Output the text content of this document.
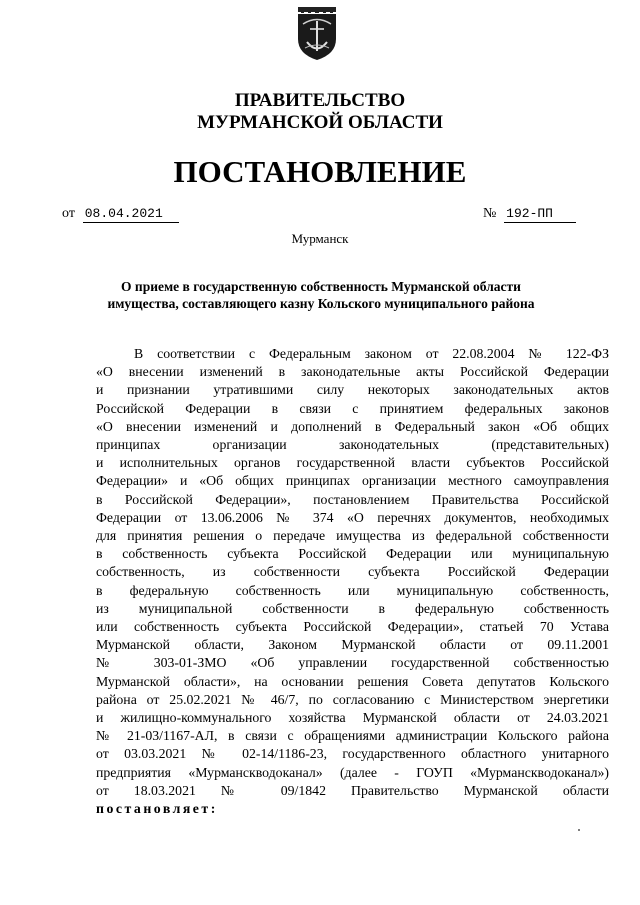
ПРАВИТЕЛЬСТВО
МУРМАНСКОЙ ОБЛАСТИ
ПОСТАНОВЛЕНИЕ
от 08.04.2021	№ 192-ПП
Мурманск
О приеме в государственную собственность Мурманской области
имущества, составляющего казну Кольского муниципального района
В соответствии с Федеральным законом от 22.08.2004 № 122-ФЗ
«О внесении изменений в законодательные акты Российской Федерации
и признании утратившими силу некоторых законодательных актов
Российской Федерации в связи с принятием федеральных законов
«О внесении изменений и дополнений в Федеральный закон «Об общих
принципах организации законодательных (представительных)
и исполнительных органов государственной власти субъектов Российской
Федерации» и «Об общих принципах организации местного самоуправления
в Российской Федерации», постановлением Правительства Российской
Федерации от 13.06.2006 № 374 «О перечнях документов, необходимых
для принятия решения о передаче имущества из федеральной собственности
в собственность субъекта Российской Федерации или муниципальную
собственность, из собственности субъекта Российской Федерации
в федеральную собственность или муниципальную собственность,
из муниципальной собственности в федеральную собственность
или собственность субъекта Российской Федерации», статьей 70 Устава
Мурманской области, Законом Мурманской области от 09.11.2001
№ 303-01-ЗМО «Об управлении государственной собственностью
Мурманской области», на основании решения Совета депутатов Кольского
района от 25.02.2021 № 46/7, по согласованию с Министерством энергетики
и жилищно-коммунального хозяйства Мурманской области от 24.03.2021
№ 21-03/1167-АЛ, в связи с обращениями администрации Кольского района
от 03.03.2021 № 02-14/1186-23, государственного областного унитарного
предприятия «Мурманскводоканал» (далее - ГОУП «Мурманскводоканал»)
от 18.03.2021 № 09/1842 Правительство Мурманской области
постановляет:
